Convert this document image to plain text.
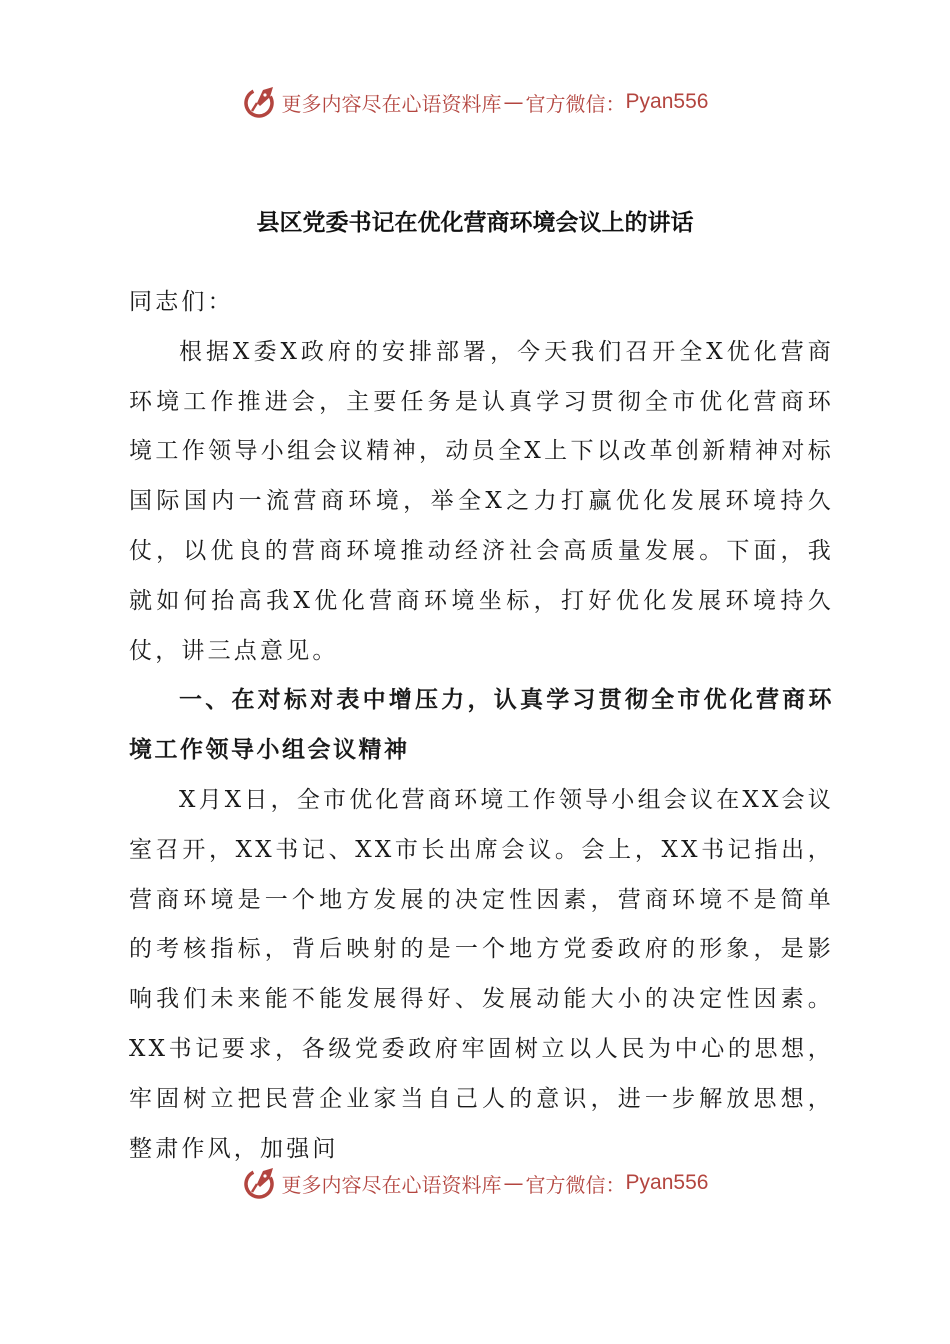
更多内容尽在心语资料库 — 官方微信： Pyan556
县区党委书记在优化营商环境会议上的讲话

同志们：

根据X委X政府的安排部署，今天我们召开全X优化营商环境工作推进会，主要任务是认真学习贯彻全市优化营商环境工作领导小组会议精神，动员全X上下以改革创新精神对标国际国内一流营商环境，举全X之力打赢优化发展环境持久仗，以优良的营商环境推动经济社会高质量发展。下面，我就如何抬高我X优化营商环境坐标，打好优化发展环境持久仗，讲三点意见。

一、在对标对表中增压力，认真学习贯彻全市优化营商环境工作领导小组会议精神

X月X日，全市优化营商环境工作领导小组会议在XX会议室召开，XX书记、XX市长出席会议。会上，XX书记指出，营商环境是一个地方发展的决定性因素，营商环境不是简单的考核指标，背后映射的是一个地方党委政府的形象，是影响我们未来能不能发展得好、发展动能大小的决定性因素。XX书记要求，各级党委政府牢固树立以人民为中心的思想，牢固树立把民营企业家当自己人的意识，进一步解放思想，整肃作风，加强问

更多内容尽在心语资料库 — 官方微信： Pyan556
